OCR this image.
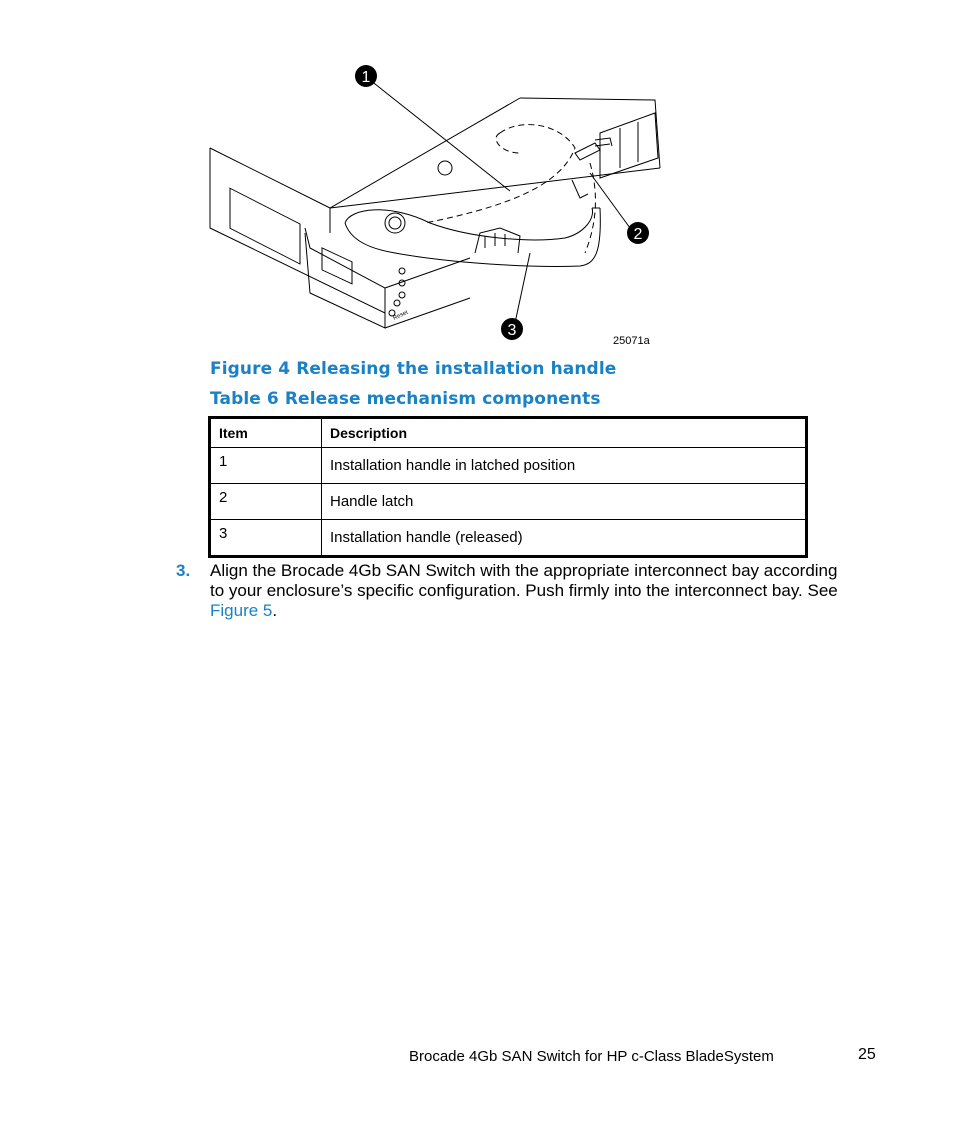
1
2
3
Reset
25071a
Figure 4 Releasing the installation handle
Table 6 Release mechanism components
Item	Description
1	Installation handle in latched position
2	Handle latch
3	Installation handle (released)
3. Align the Brocade 4Gb SAN Switch with the appropriate interconnect bay according to your enclosure’s specific configuration. Push firmly into the interconnect bay. See Figure 5.
Brocade 4Gb SAN Switch for HP c-Class BladeSystem	25
